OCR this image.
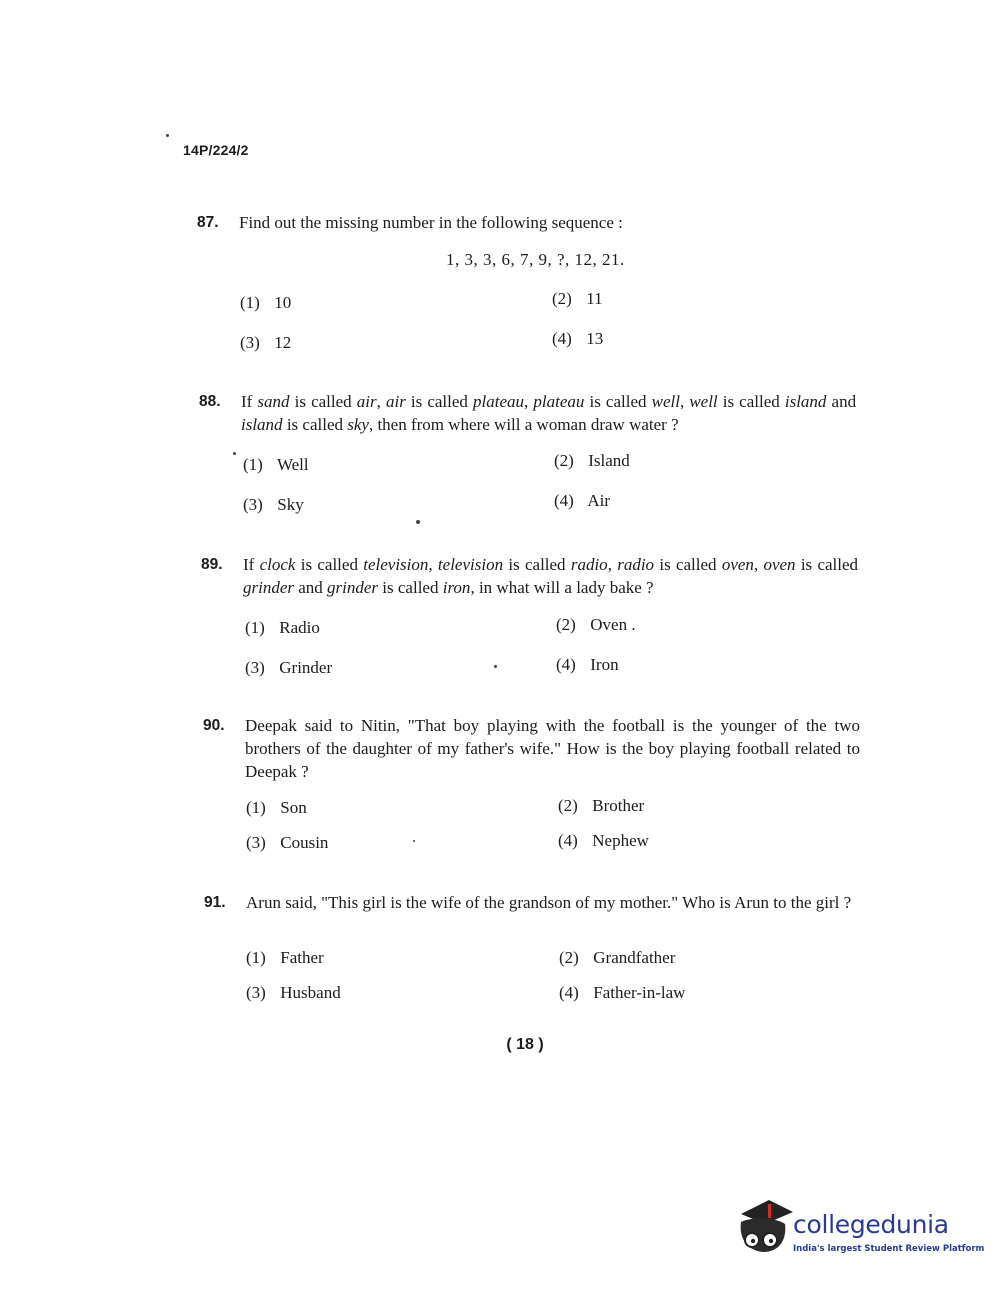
14P/224/2
87. Find out the missing number in the following sequence :
1, 3, 3, 6, 7, 9, ?, 12, 21.
(1) 10	(2) 11
(3) 12	(4) 13
88. If sand is called air, air is called plateau, plateau is called well, well is called island and island is called sky, then from where will a woman draw water ?
(1) Well	(2) Island
(3) Sky	(4) Air
89. If clock is called television, television is called radio, radio is called oven, oven is called grinder and grinder is called iron, in what will a lady bake ?
(1) Radio	(2) Oven .
(3) Grinder	(4) Iron
90. Deepak said to Nitin, "That boy playing with the football is the younger of the two brothers of the daughter of my father's wife." How is the boy playing football related to Deepak ?
(1) Son	(2) Brother
(3) Cousin	(4) Nephew
91. Arun said, "This girl is the wife of the grandson of my mother." Who is Arun to the girl ?
(1) Father	(2) Grandfather
(3) Husband	(4) Father-in-law
( 18 )
collegedunia
India's largest Student Review Platform
